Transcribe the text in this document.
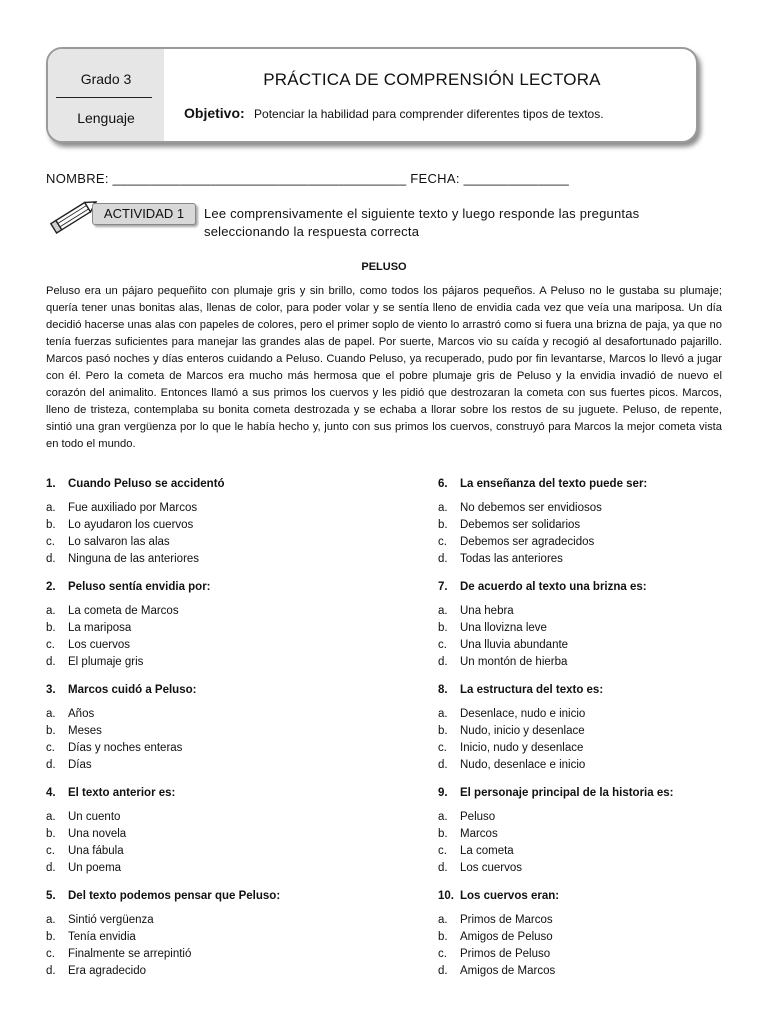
Grado 3
Lenguaje
PRÁCTICA DE COMPRENSIÓN LECTORA
Objetivo: Potenciar la habilidad para comprender diferentes tipos de textos.
NOMBRE: _______________________________________ FECHA: ______________
ACTIVIDAD 1	Lee comprensivamente el siguiente texto y luego responde las preguntas seleccionando la respuesta correcta
PELUSO
Peluso era un pájaro pequeñito con plumaje gris y sin brillo, como todos los pájaros pequeños. A Peluso no le gustaba su plumaje; quería tener unas bonitas alas, llenas de color, para poder volar y se sentía lleno de envidia cada vez que veía una mariposa. Un día decidió hacerse unas alas con papeles de colores, pero el primer soplo de viento lo arrastró como si fuera una brizna de paja, ya que no tenía fuerzas suficientes para manejar las grandes alas de papel. Por suerte, Marcos vio su caída y recogió al desafortunado pajarillo. Marcos pasó noches y días enteros cuidando a Peluso. Cuando Peluso, ya recuperado, pudo por fin levantarse, Marcos lo llevó a jugar con él. Pero la cometa de Marcos era mucho más hermosa que el pobre plumaje gris de Peluso y la envidia invadió de nuevo el corazón del animalito. Entonces llamó a sus primos los cuervos y les pidió que destrozaran la cometa con sus fuertes picos. Marcos, lleno de tristeza, contemplaba su bonita cometa destrozada y se echaba a llorar sobre los restos de su juguete. Peluso, de repente, sintió una gran vergüenza por lo que le había hecho y, junto con sus primos los cuervos, construyó para Marcos la mejor cometa vista en todo el mundo.
1. Cuando Peluso se accidentó
a. Fue auxiliado por Marcos
b. Lo ayudaron los cuervos
c. Lo salvaron las alas
d. Ninguna de las anteriores
2. Peluso sentía envidia por:
a. La cometa de Marcos
b. La mariposa
c. Los cuervos
d. El plumaje gris
3. Marcos cuidó a Peluso:
a. Años
b. Meses
c. Días y noches enteras
d. Días
4. El texto anterior es:
a. Un cuento
b. Una novela
c. Una fábula
d. Un poema
5. Del texto podemos pensar que Peluso:
a. Sintió vergüenza
b. Tenía envidia
c. Finalmente se arrepintió
d. Era agradecido
6. La enseñanza del texto puede ser:
a. No debemos ser envidiosos
b. Debemos ser solidarios
c. Debemos ser agradecidos
d. Todas las anteriores
7. De acuerdo al texto una brizna es:
a. Una hebra
b. Una llovizna leve
c. Una lluvia abundante
d. Un montón de hierba
8. La estructura del texto es:
a. Desenlace, nudo e inicio
b. Nudo, inicio y desenlace
c. Inicio, nudo y desenlace
d. Nudo, desenlace e inicio
9. El personaje principal de la historia es:
a. Peluso
b. Marcos
c. La cometa
d. Los cuervos
10. Los cuervos eran:
a. Primos de Marcos
b. Amigos de Peluso
c. Primos de Peluso
d. Amigos de Marcos
